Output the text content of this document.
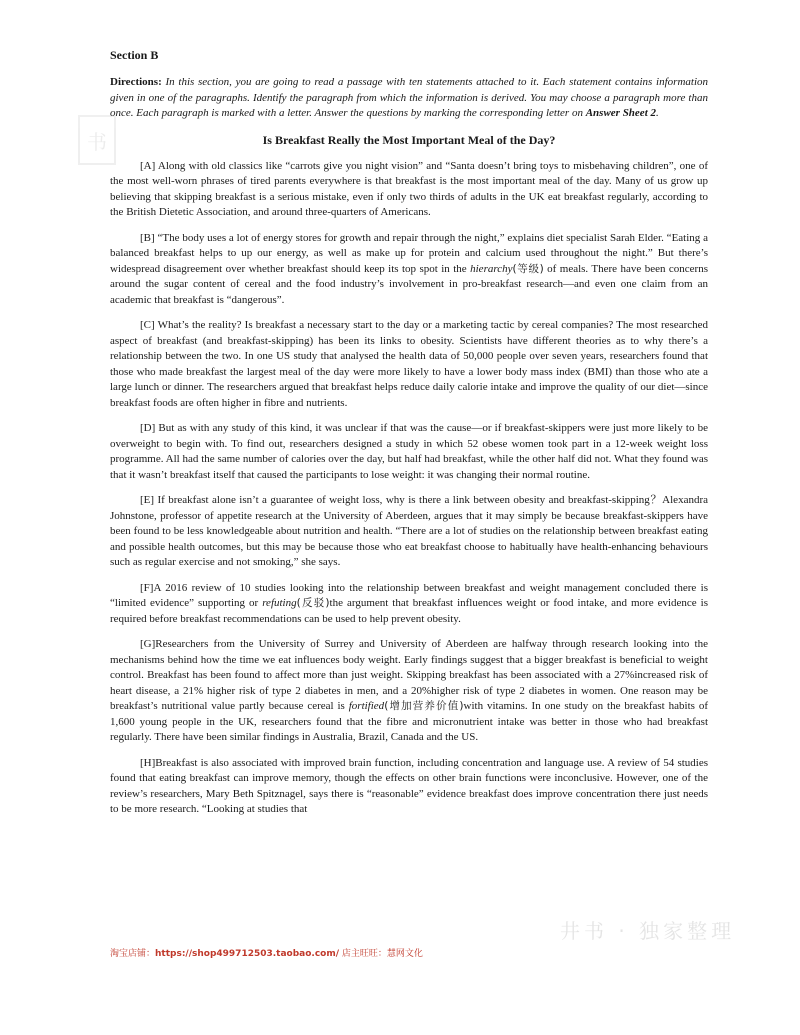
书
Section B

Directions: In this section, you are going to read a passage with ten statements attached to it. Each statement contains information given in one of the paragraphs. Identify the paragraph from which the information is derived. You may choose a paragraph more than once. Each paragraph is marked with a letter. Answer the questions by marking the corresponding letter on Answer Sheet 2.

Is Breakfast Really the Most Important Meal of the Day?

[A] Along with old classics like “carrots give you night vision” and “Santa doesn’t bring toys to misbehaving children”, one of the most well-worn phrases of tired parents everywhere is that breakfast is the most important meal of the day. Many of us grow up believing that skipping breakfast is a serious mistake, even if only two thirds of adults in the UK eat breakfast regularly, according to the British Dietetic Association, and around three-quarters of Americans.

[B] “The body uses a lot of energy stores for growth and repair through the night,” explains diet specialist Sarah Elder. “Eating a balanced breakfast helps to up our energy, as well as make up for protein and calcium used throughout the night.” But there’s widespread disagreement over whether breakfast should keep its top spot in the hierarchy(等级) of meals. There have been concerns around the sugar content of cereal and the food industry’s involvement in pro-breakfast research—and even one claim from an academic that breakfast is “dangerous”.

[C] What’s the reality? Is breakfast a necessary start to the day or a marketing tactic by cereal companies? The most researched aspect of breakfast (and breakfast-skipping) has been its links to obesity. Scientists have different theories as to why there’s a relationship between the two. In one US study that analysed the health data of 50,000 people over seven years, researchers found that those who made breakfast the largest meal of the day were more likely to have a lower body mass index (BMI) than those who ate a large lunch or dinner. The researchers argued that breakfast helps reduce daily calorie intake and improve the quality of our diet—since breakfast foods are often higher in fibre and nutrients.

[D] But as with any study of this kind, it was unclear if that was the cause—or if breakfast-skippers were just more likely to be overweight to begin with. To find out, researchers designed a study in which 52 obese women took part in a 12-week weight loss programme. All had the same number of calories over the day, but half had breakfast, while the other half did not. What they found was that it wasn’t breakfast itself that caused the participants to lose weight: it was changing their normal routine.

[E] If breakfast alone isn’t a guarantee of weight loss, why is there a link between obesity and breakfast-skipping？Alexandra Johnstone, professor of appetite research at the University of Aberdeen, argues that it may simply be because breakfast-skippers have been found to be less knowledgeable about nutrition and health. “There are a lot of studies on the relationship between breakfast eating and possible health outcomes, but this may be because those who eat breakfast choose to habitually have health-enhancing behaviours such as regular exercise and not smoking,” she says.

[F]A 2016 review of 10 studies looking into the relationship between breakfast and weight management concluded there is “limited evidence” supporting or refuting(反驳)the argument that breakfast influences weight or food intake, and more evidence is required before breakfast recommendations can be used to help prevent obesity.

[G]Researchers from the University of Surrey and University of Aberdeen are halfway through research looking into the mechanisms behind how the time we eat influences body weight. Early findings suggest that a bigger breakfast is beneficial to weight control. Breakfast has been found to affect more than just weight. Skipping breakfast has been associated with a 27%increased risk of heart disease, a 21% higher risk of type 2 diabetes in men, and a 20%higher risk of type 2 diabetes in women. One reason may be breakfast’s nutritional value partly because cereal is fortified(增加营养价值)with vitamins. In one study on the breakfast habits of 1,600 young people in the UK, researchers found that the fibre and micronutrient intake was better in those who had breakfast regularly. There have been similar findings in Australia, Brazil, Canada and the US.

[H]Breakfast is also associated with improved brain function, including concentration and language use. A review of 54 studies found that eating breakfast can improve memory, though the effects on other brain functions were inconclusive. However, one of the review’s researchers, Mary Beth Spitznagel, says there is “reasonable” evidence breakfast does improve concentration there just needs to be more research. “Looking at studies that

井书 · 独家整理
淘宝店铺：https://shop499712503.taobao.com/ 店主旺旺：慧网文化
